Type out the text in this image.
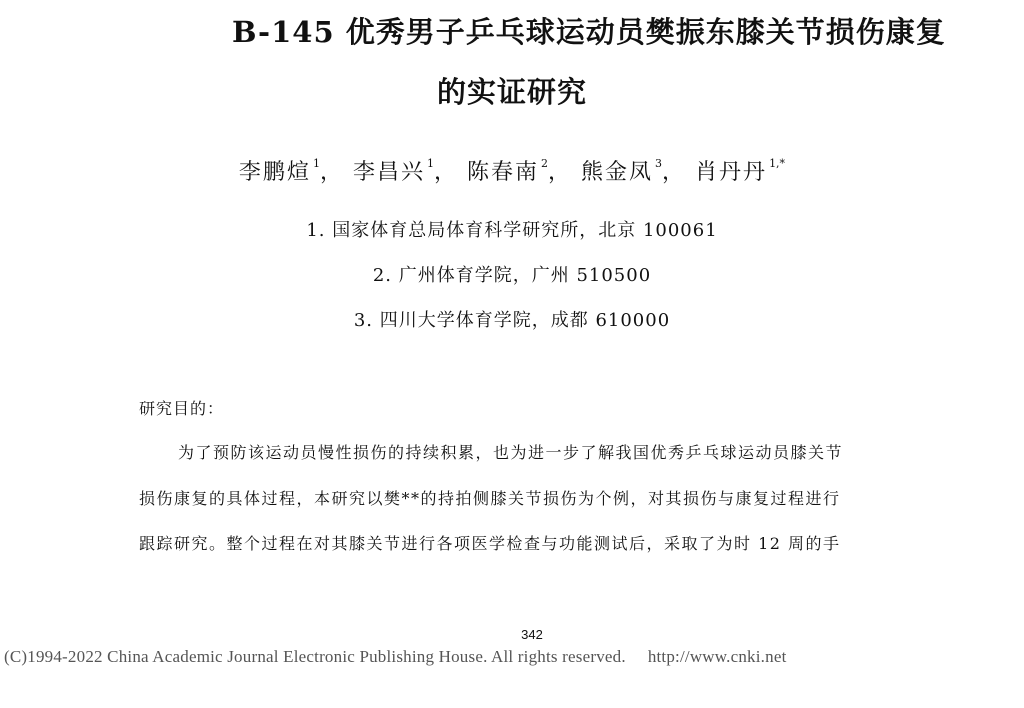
B-145 优秀男子乒乓球运动员樊振东膝关节损伤康复
的实证研究
李鹏煊 $^1$， 李昌兴 $^1$， 陈春南 $^2$， 熊金凤 $^3$， 肖丹丹 $^{1,*}$
1. 国家体育总局体育科学研究所，北京 100061
2. 广州体育学院，广州 510500
3. 四川大学体育学院，成都 610000
研究目的：
为了预防该运动员慢性损伤的持续积累，也为进一步了解我国优秀乒乓球运动员膝关节
损伤康复的具体过程，本研究以樊**的持拍侧膝关节损伤为个例，对其损伤与康复过程进行
跟踪研究。整个过程在对其膝关节进行各项医学检查与功能测试后，采取了为时 12 周的手
342
(C)1994-2022 China Academic Journal Electronic Publishing House. All rights reserved. http://www.cnki.net
